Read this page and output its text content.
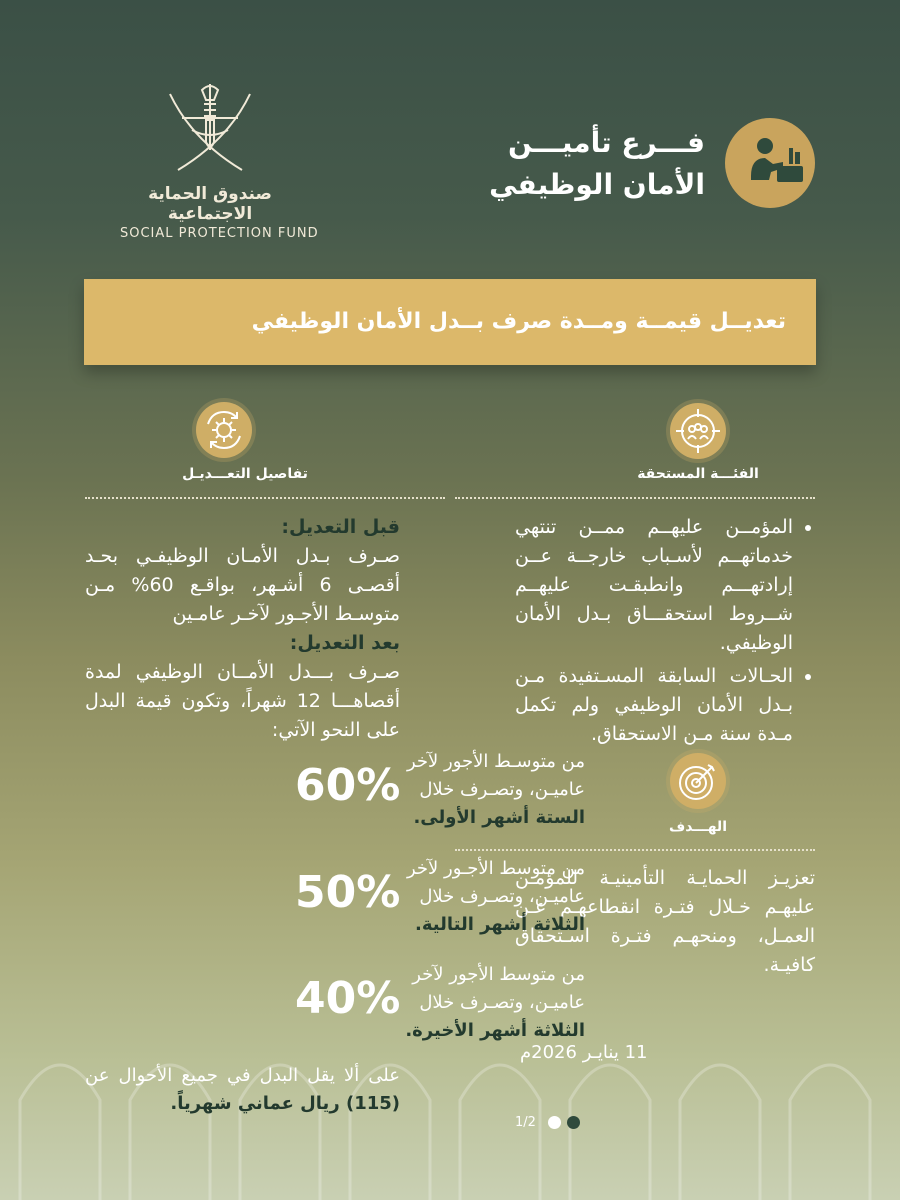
صندوق الحماية الاجتماعية
SOCIAL PROTECTION FUND
فـــرع تأميـــن
الأمان الوظيفي
تعديــل قيمــة ومــدة صرف بــدل الأمان الوظيفي
الفئـــة المستحقة
• المؤمــن عليهــم ممــن تنتهي خدماتهــم لأسـباب خارجــة عــن إرادتهـــم وانطبقـت عليهــم شــروط استحقـــاق بـدل الأمان الوظيفي.
• الحـالات السابقة المسـتفيدة مـن بـدل الأمان الوظيفي ولم تكمل مـدة سنة مـن الاستحقاق.
الهـــدف
تعزيـز الحمايـة التأمينيـة للمؤمـن عليهـم خـلال فتـرة انقطاعهـم عـن العمـل، ومنحهـم فتـرة اسـتحقاق كافيـة.
11 ينايـر 2026م
تفاصيل التعـــديـل
قبل التعديل:
صـرف بـدل الأمـان الوظيفـي بحـد أقصـى 6 أشـهر، بواقـع 60% مـن متوسـط الأجـور لآخـر عامـين
بعد التعديل:
صـرف بـــدل الأمــان الوظيفي لمدة أقصاهـــا 12 شهراً، وتكون قيمة البدل على النحو الآتي:
60% من متوسـط الأجور لآخر عاميـن، وتصـرف خلال الستة أشهر الأولى.
50% من متوسط الأجـور لآخر عاميـن، وتصـرف خلال الثلاثة أشهر التالية.
40% من متوسط الأجور لآخر عاميـن، وتصـرف خلال الثلاثة أشهر الأخيرة.
على ألا يقل البدل في جميع الأحوال عن (115) ريال عماني شهرياً.
1/2
